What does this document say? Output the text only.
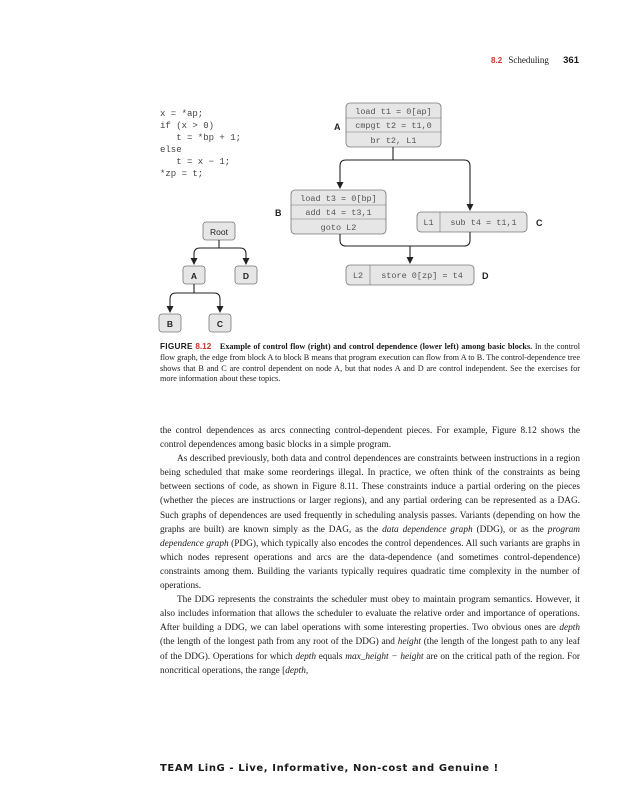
8.2 Scheduling 361
x = *ap;
if (x > 0)
t = *bp + 1;
else
t = x − 1;
*zp = t;
load t1 = 0[ap]
cmpgt t2 = t1,0
br t2, L1
A
load t3 = 0[bp]
add t4 = t3,1
goto L2
B
L1 sub t4 = t1,1 C
L2 store 0[zp] = t4 D
Root
A	D
B	C
FIGURE 8.12 Example of control flow (right) and control dependence (lower left) among basic blocks. In the control flow graph, the edge from block A to block B means that program execution can flow from A to B. The control-dependence tree shows that B and C are control dependent on node A, but that nodes A and D are control independent. See the exercises for more information about these topics.

the control dependences as arcs connecting control-dependent pieces. For example, Figure 8.12 shows the control dependences among basic blocks in a simple program.

As described previously, both data and control dependences are constraints between instructions in a region being scheduled that make some reorderings illegal. In practice, we often think of the constraints as being between sections of code, as shown in Figure 8.11. These constraints induce a partial ordering on the pieces (whether the pieces are instructions or larger regions), and any partial ordering can be represented as a DAG. Such graphs of dependences are used frequently in scheduling analysis passes. Variants (depending on how the graphs are built) are known simply as the DAG, as the data dependence graph (DDG), or as the program dependence graph (PDG), which typically also encodes the control dependences. All such variants are graphs in which nodes represent operations and arcs are the data-dependence (and sometimes control-dependence) constraints among them. Building the variants typically requires quadratic time complexity in the number of operations.

The DDG represents the constraints the scheduler must obey to maintain program semantics. However, it also includes information that allows the scheduler to evaluate the relative order and importance of operations. After building a DDG, we can label operations with some interesting properties. Two obvious ones are depth (the length of the longest path from any root of the DDG) and height (the length of the longest path to any leaf of the DDG). Operations for which depth equals max_height − height are on the critical path of the region. For noncritical operations, the range [depth,

TEAM LinG - Live, Informative, Non-cost and Genuine !
